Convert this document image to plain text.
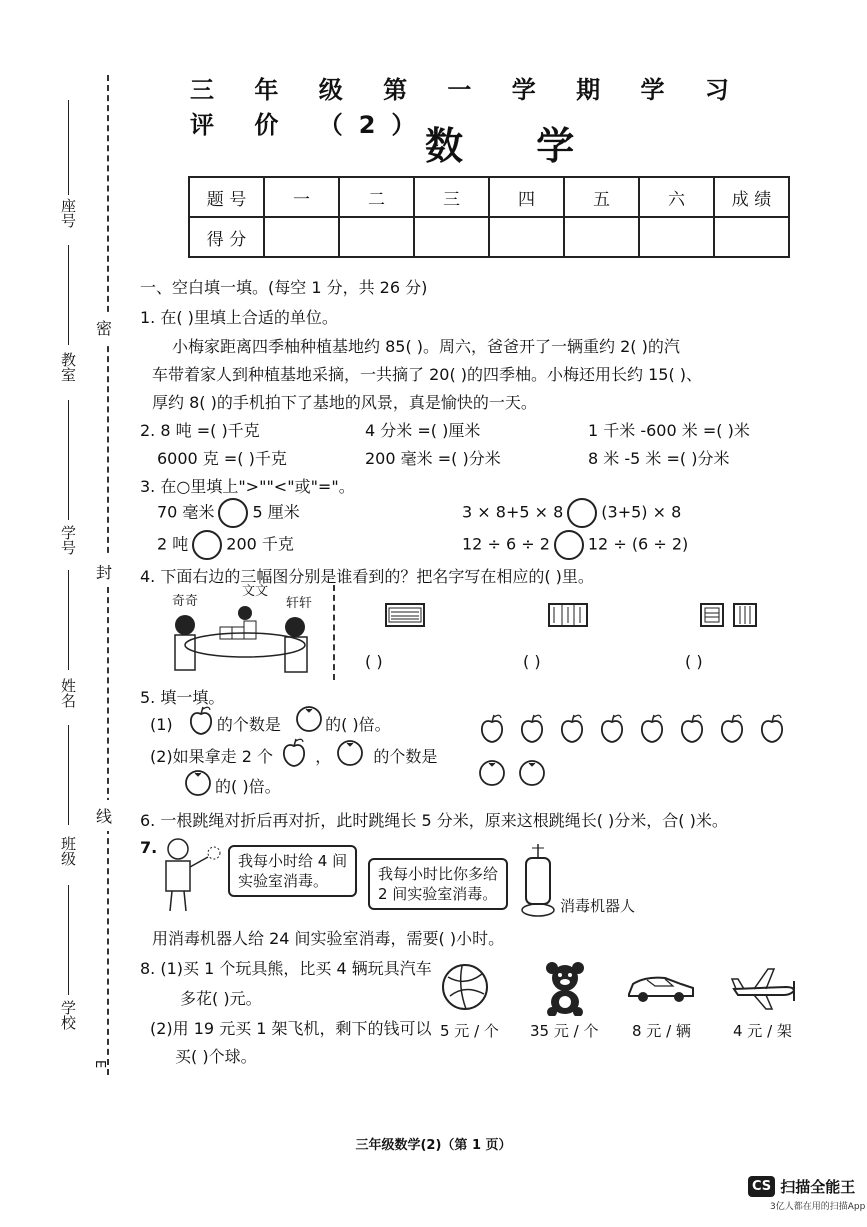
座号
教室
学号
姓名
班级
学校
密
封
线
E
三 年 级 第 一 学 期 学 习 评 价 （2）
数 学
题 号	一	二	三	四	五	六	成 绩
得 分							
一、空白填一填。(每空 1 分，共 26 分)
1. 在( )里填上合适的单位。
小梅家距离四季柚种植基地约 85( )。周六，爸爸开了一辆重约 2( )的汽
车带着家人到种植基地采摘，一共摘了 20( )的四季柚。小梅还用长约 15( )、
厚约 8( )的手机拍下了基地的风景，真是愉快的一天。
2. 8 吨 =( )千克	4 分米 =( )厘米	1 千米 -600 米 =( )米
6000 克 =( )千克	200 毫米 =( )分米	8 米 -5 米 =( )分米
3. 在○里填上">""<"或"="。
70 毫米 5 厘米	3 × 8+5 × 8 (3+5) × 8
2 吨 200 千克	12 ÷ 6 ÷ 2 12 ÷ (6 ÷ 2)
4. 下面右边的三幅图分别是谁看到的？把名字写在相应的( )里。
奇奇
文文
轩轩
( )	( )	( )
5. 填一填。
(1)	的个数是	的( )倍。
(2)如果拿走 2 个	，	的个数是
的( )倍。
6. 一根跳绳对折后再对折，此时跳绳长 5 分米，原来这根跳绳长( )分米，合( )米。
7.
我每小时给 4 间
实验室消毒。	我每小时比你多给
2 间实验室消毒。
消毒机器人
用消毒机器人给 24 间实验室消毒，需要( )小时。
8. (1)买 1 个玩具熊，比买 4 辆玩具汽车
多花( )元。
(2)用 19 元买 1 架飞机，剩下的钱可以
买( )个球。
5 元 / 个 35 元 / 个 8 元 / 辆	4 元 / 架
三年级数学(2)（第 1 页）
CS 扫描全能王
3亿人都在用的扫描App
